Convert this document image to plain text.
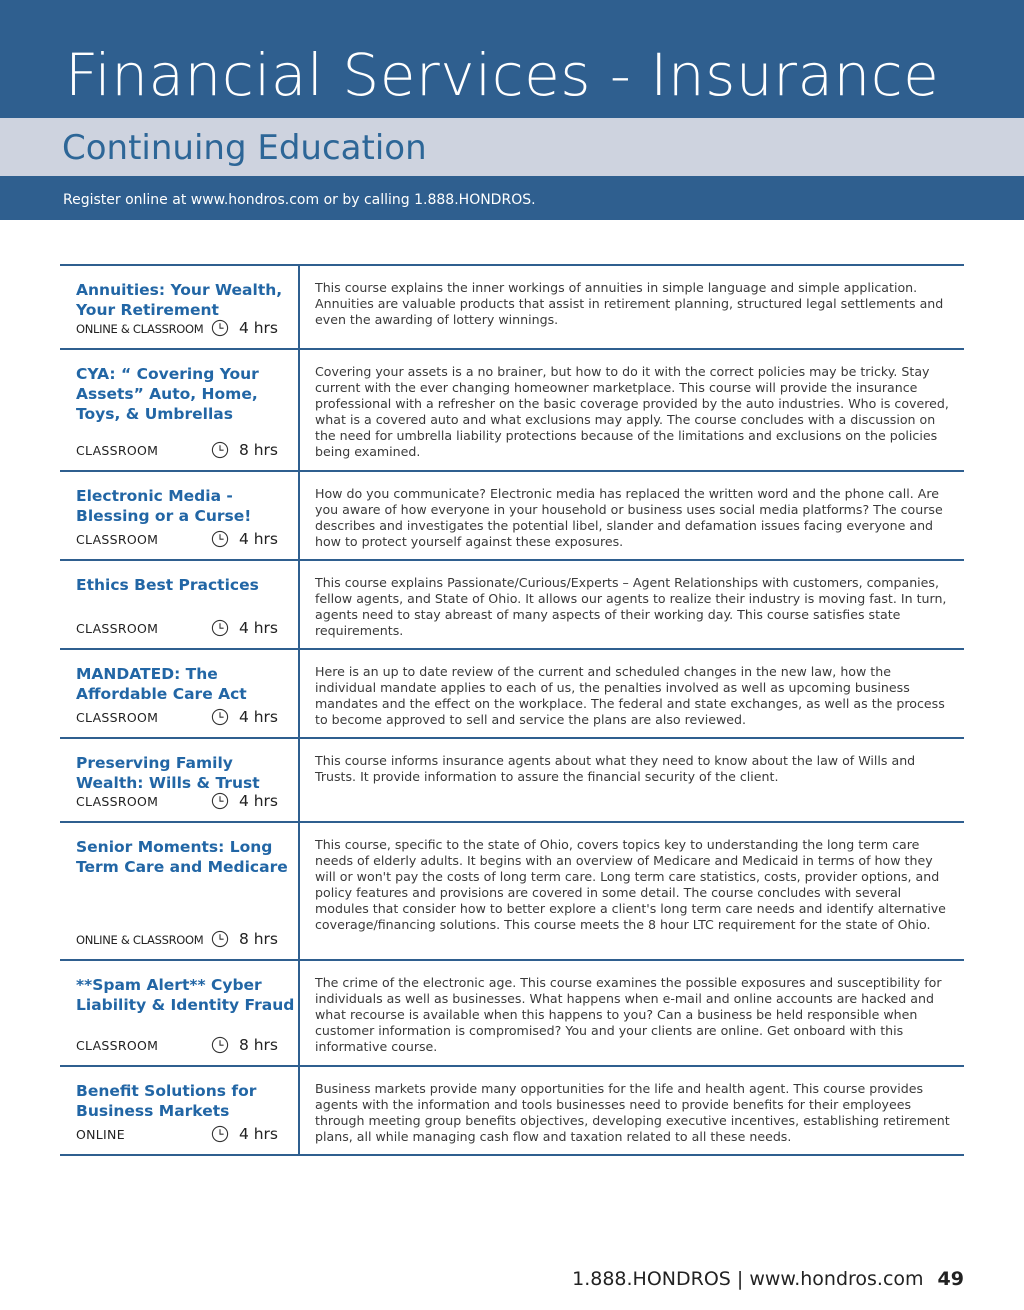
Financial Services - Insurance
Continuing Education
Register online at www.hondros.com or by calling 1.888.HONDROS.
Annuities: Your Wealth, Your Retirement
ONLINE & CLASSROOM 4 hrs
This course explains the inner workings of annuities in simple language and simple application. Annuities are valuable products that assist in retirement planning, structured legal settlements and even the awarding of lottery winnings.
CYA: “ Covering Your Assets” Auto, Home, Toys, & Umbrellas
CLASSROOM	8 hrs
Covering your assets is a no brainer, but how to do it with the correct policies may be tricky. Stay current with the ever changing homeowner marketplace. This course will provide the insurance professional with a refresher on the basic coverage provided by the auto industries. Who is covered, what is a covered auto and what exclusions may apply. The course concludes with a discussion on the need for umbrella liability protections because of the limitations and exclusions on the policies being examined.
Electronic Media - Blessing or a Curse!
CLASSROOM	4 hrs
How do you communicate? Electronic media has replaced the written word and the phone call. Are you aware of how everyone in your household or business uses social media platforms? The course describes and investigates the potential libel, slander and defamation issues facing everyone and how to protect yourself against these exposures.
Ethics Best Practices
CLASSROOM	4 hrs
This course explains Passionate/Curious/Experts – Agent Relationships with customers, companies, fellow agents, and State of Ohio. It allows our agents to realize their industry is moving fast. In turn, agents need to stay abreast of many aspects of their working day. This course satisfies state requirements.
MANDATED: The Affordable Care Act
CLASSROOM	4 hrs
Here is an up to date review of the current and scheduled changes in the new law, how the individual mandate applies to each of us, the penalties involved as well as upcoming business mandates and the effect on the workplace. The federal and state exchanges, as well as the process to become approved to sell and service the plans are also reviewed.
Preserving Family Wealth: Wills & Trust
CLASSROOM	4 hrs
This course informs insurance agents about what they need to know about the law of Wills and Trusts. It provide information to assure the financial security of the client.
Senior Moments: Long Term Care and Medicare
ONLINE & CLASSROOM 8 hrs
This course, specific to the state of Ohio, covers topics key to understanding the long term care needs of elderly adults. It begins with an overview of Medicare and Medicaid in terms of how they will or won't pay the costs of long term care. Long term care statistics, costs, provider options, and policy features and provisions are covered in some detail. The course concludes with several modules that consider how to better explore a client's long term care needs and identify alternative coverage/financing solutions. This course meets the 8 hour LTC requirement for the state of Ohio.
**Spam Alert** Cyber Liability & Identity Fraud
CLASSROOM	8 hrs
The crime of the electronic age. This course examines the possible exposures and susceptibility for individuals as well as businesses. What happens when e-mail and online accounts are hacked and what recourse is available when this happens to you? Can a business be held responsible when customer information is compromised? You and your clients are online. Get onboard with this informative course.
Benefit Solutions for Business Markets
ONLINE	4 hrs
Business markets provide many opportunities for the life and health agent. This course provides agents with the information and tools businesses need to provide benefits for their employees through meeting group benefits objectives, developing executive incentives, establishing retirement plans, all while managing cash flow and taxation related to all these needs.
1.888.HONDROS | www.hondros.com 49
